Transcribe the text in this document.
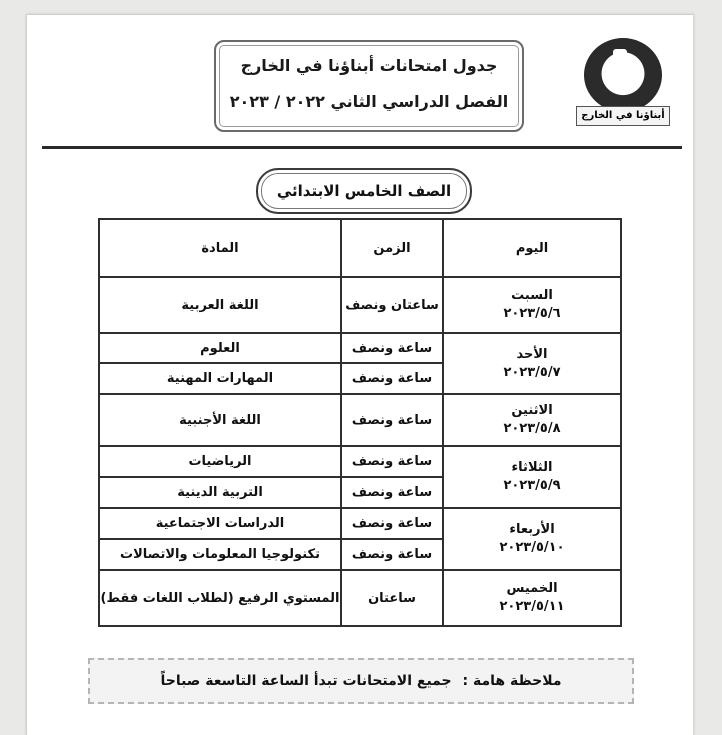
جدول امتحانات أبناؤنا في الخارج
الفصل الدراسي الثاني ٢٠٢٢ / ٢٠٢٣
أبناؤنا في الخارج
الصف الخامس الابتدائي
اليوم	الزمن	المادة

السبت
٢٠٢٣/٥/٦	ساعتان ونصف	اللغة العربية

الأحد
٢٠٢٣/٥/٧	ساعة ونصف	العلوم
	ساعة ونصف	المهارات المهنية

الاثنين
٢٠٢٣/٥/٨	ساعة ونصف	اللغة الأجنبية

الثلاثاء
٢٠٢٣/٥/٩	ساعة ونصف	الرياضيات
	ساعة ونصف	التربية الدينية

الأربعاء
٢٠٢٣/٥/١٠	ساعة ونصف	الدراسات الاجتماعية
	ساعة ونصف	تكنولوجيا المعلومات والاتصالات

الخميس
٢٠٢٣/٥/١١	ساعتان	المستوي الرفيع (لطلاب اللغات فقط)
ملاحظة هامة : جميع الامتحانات تبدأ الساعة التاسعة صباحاً
